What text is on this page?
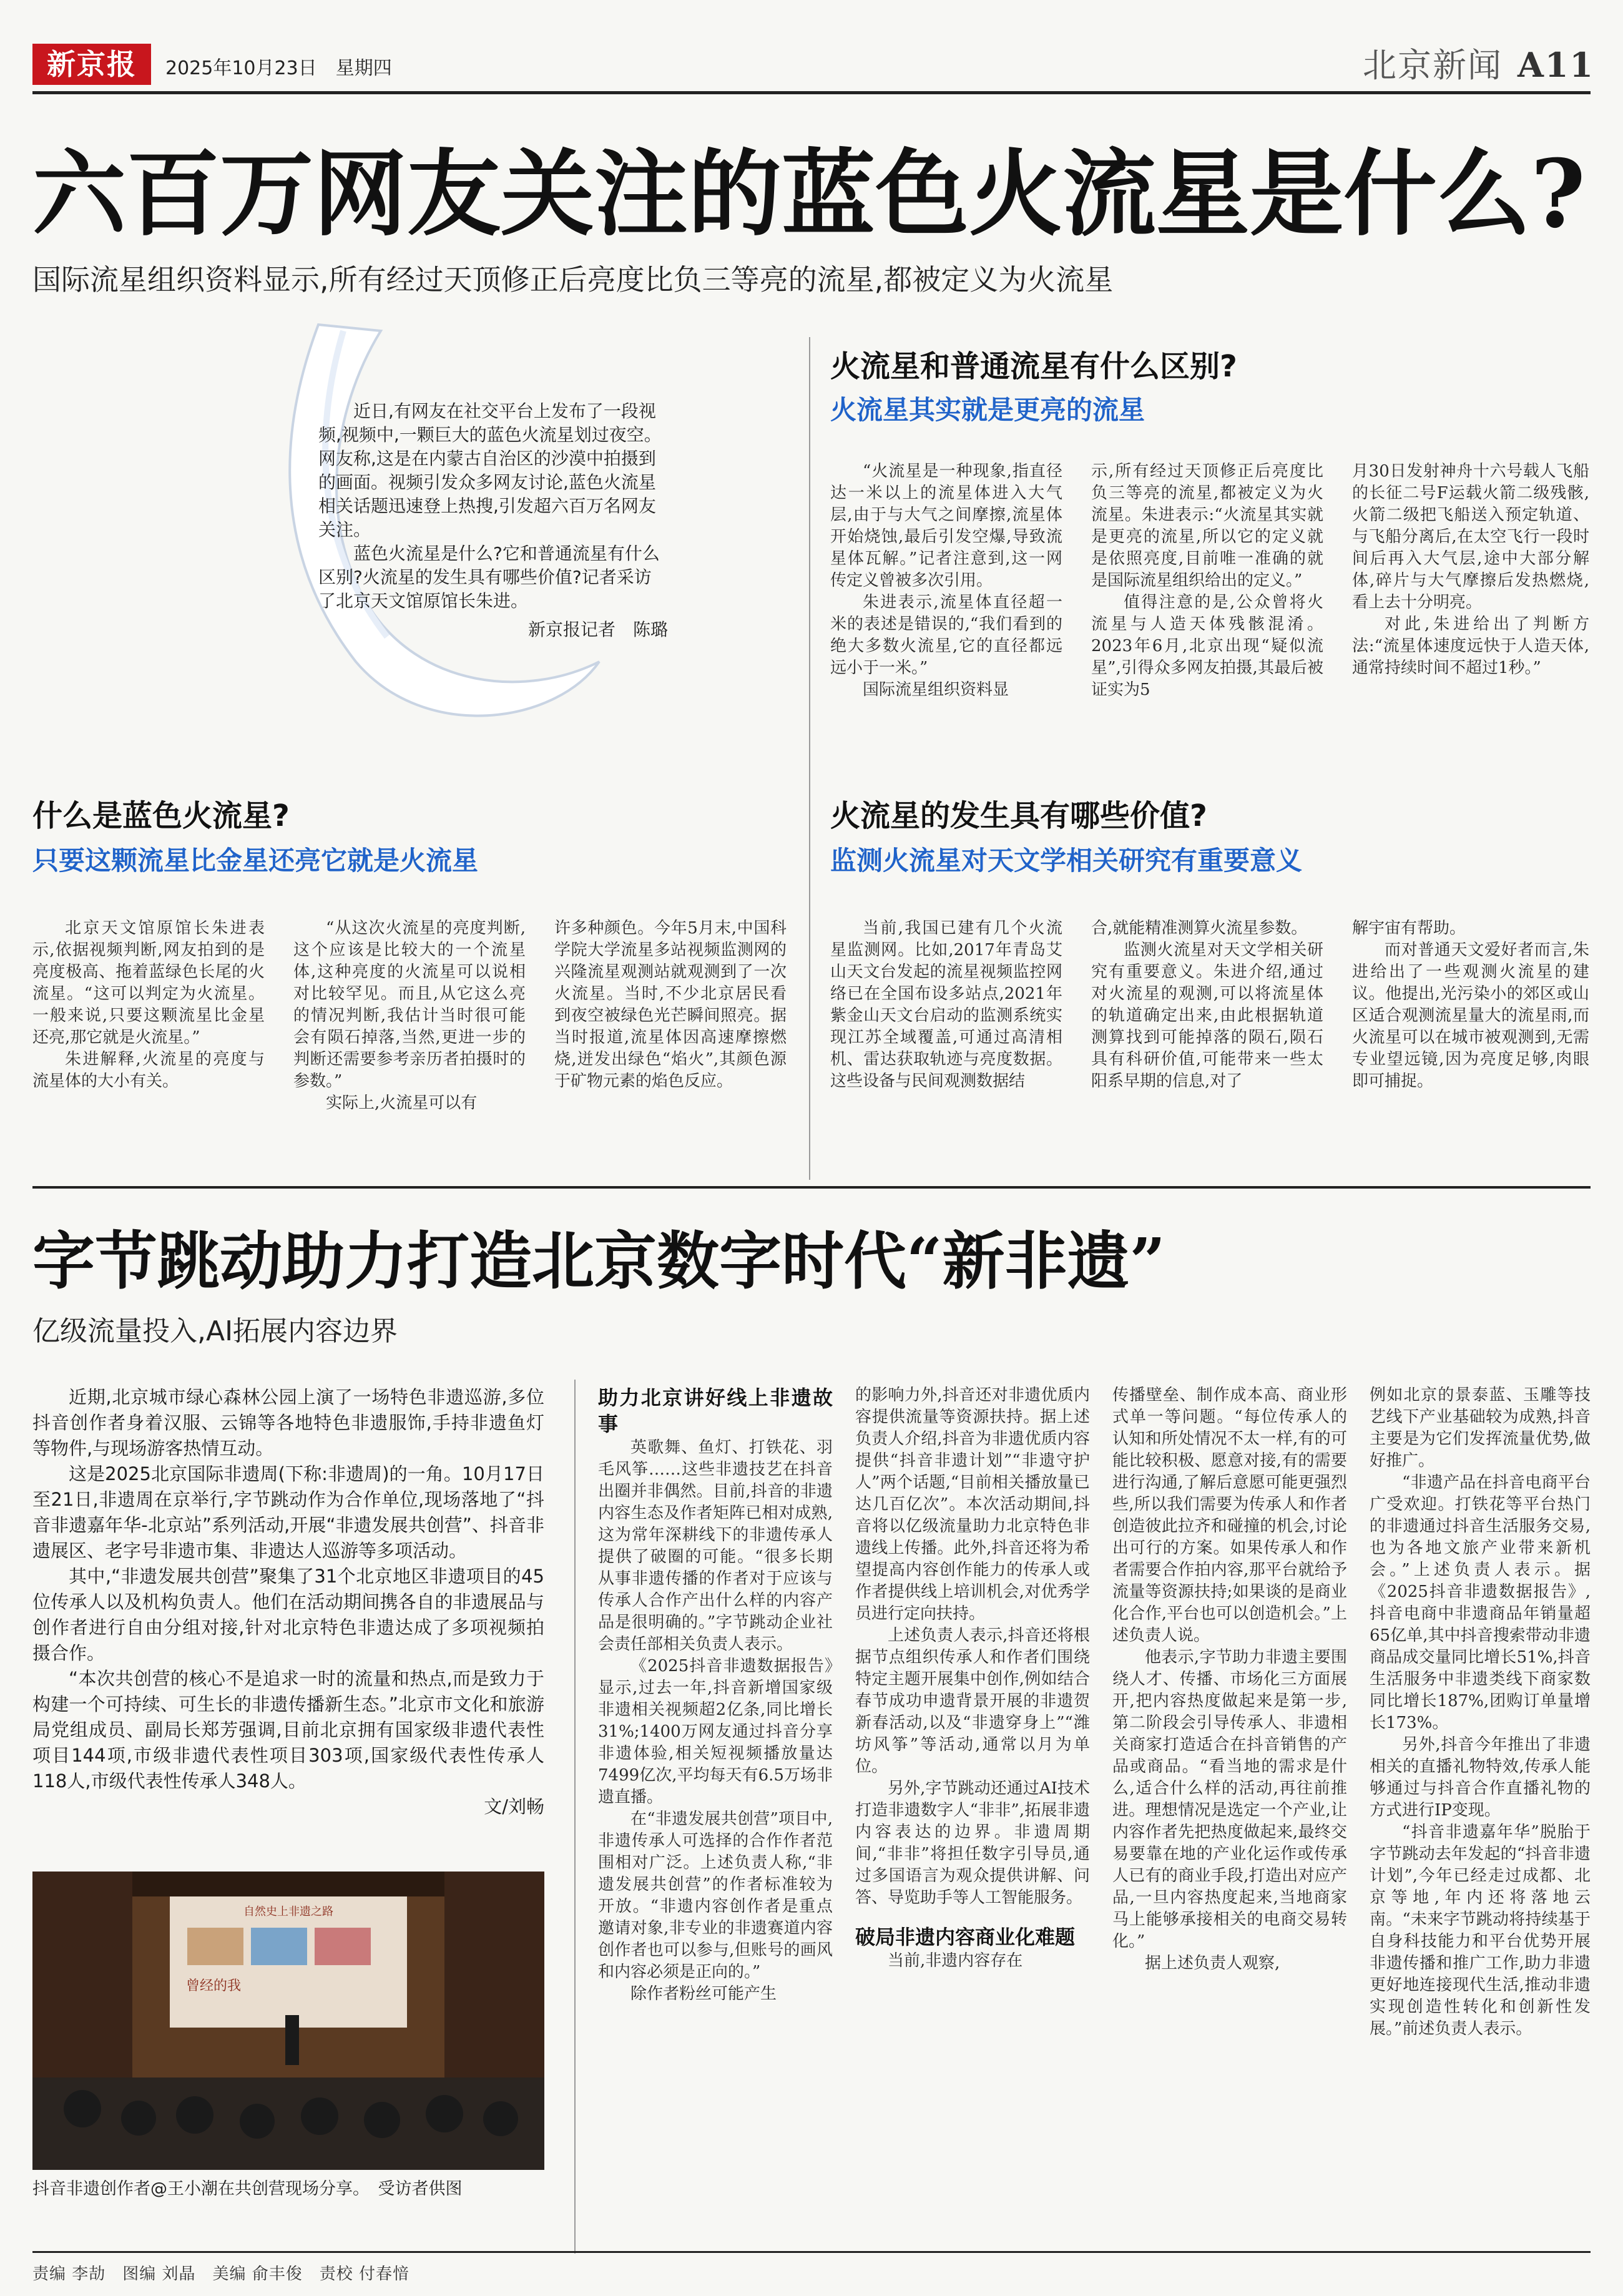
新京报	2025年10月23日　星期四	北京新闻 A11
六百万网友关注的蓝色火流星是什么?
国际流星组织资料显示,所有经过天顶修正后亮度比负三等亮的流星,都被定义为火流星

近日,有网友在社交平台上发布了一段视频,视频中,一颗巨大的蓝色火流星划过夜空。网友称,这是在内蒙古自治区的沙漠中拍摄到的画面。视频引发众多网友讨论,蓝色火流星相关话题迅速登上热搜,引发超六百万名网友关注。

蓝色火流星是什么?它和普通流星有什么区别?火流星的发生具有哪些价值?记者采访了北京天文馆原馆长朱进。

新京报记者　陈璐

火流星和普通流星有什么区别?
火流星其实就是更亮的流星

“火流星是一种现象,指直径达一米以上的流星体进入大气层,由于与大气之间摩擦,流星体开始烧蚀,最后引发空爆,导致流星体瓦解。”记者注意到,这一网传定义曾被多次引用。

朱进表示,流星体直径超一米的表述是错误的,“我们看到的绝大多数火流星,它的直径都远远小于一米。”

国际流星组织资料显

示,所有经过天顶修正后亮度比负三等亮的流星,都被定义为火流星。朱进表示:“火流星其实就是更亮的流星,所以它的定义就是依照亮度,目前唯一准确的就是国际流星组织给出的定义。”

值得注意的是,公众曾将火流星与人造天体残骸混淆。2023年6月,北京出现“疑似流星”,引得众多网友拍摄,其最后被证实为5

月30日发射神舟十六号载人飞船的长征二号F运载火箭二级残骸,火箭二级把飞船送入预定轨道、与飞船分离后,在太空飞行一段时间后再入大气层,途中大部分解体,碎片与大气摩擦后发热燃烧,看上去十分明亮。

对此,朱进给出了判断方法:“流星体速度远快于人造天体,通常持续时间不超过1秒。”

什么是蓝色火流星?
只要这颗流星比金星还亮它就是火流星

北京天文馆原馆长朱进表示,依据视频判断,网友拍到的是亮度极高、拖着蓝绿色长尾的火流星。“这可以判定为火流星。一般来说,只要这颗流星比金星还亮,那它就是火流星。”

朱进解释,火流星的亮度与流星体的大小有关。

“从这次火流星的亮度判断,这个应该是比较大的一个流星体,这种亮度的火流星可以说相对比较罕见。而且,从它这么亮的情况判断,我估计当时很可能会有陨石掉落,当然,更进一步的判断还需要参考亲历者拍摄时的参数。”

实际上,火流星可以有

许多种颜色。今年5月末,中国科学院大学流星多站视频监测网的兴隆流星观测站就观测到了一次火流星。当时,不少北京居民看到夜空被绿色光芒瞬间照亮。据当时报道,流星体因高速摩擦燃烧,迸发出绿色“焰火”,其颜色源于矿物元素的焰色反应。

火流星的发生具有哪些价值?
监测火流星对天文学相关研究有重要意义

当前,我国已建有几个火流星监测网。比如,2017年青岛艾山天文台发起的流星视频监控网络已在全国布设多站点,2021年紫金山天文台启动的监测系统实现江苏全域覆盖,可通过高清相机、雷达获取轨迹与亮度数据。这些设备与民间观测数据结

合,就能精准测算火流星参数。

监测火流星对天文学相关研究有重要意义。朱进介绍,通过对火流星的观测,可以将流星体的轨道确定出来,由此根据轨道测算找到可能掉落的陨石,陨石具有科研价值,可能带来一些太阳系早期的信息,对了

解宇宙有帮助。

而对普通天文爱好者而言,朱进给出了一些观测火流星的建议。他提出,光污染小的郊区或山区适合观测流星量大的流星雨,而火流星可以在城市被观测到,无需专业望远镜,因为亮度足够,肉眼即可捕捉。

字节跳动助力打造北京数字时代“新非遗”
亿级流量投入,AI拓展内容边界

近期,北京城市绿心森林公园上演了一场特色非遗巡游,多位抖音创作者身着汉服、云锦等各地特色非遗服饰,手持非遗鱼灯等物件,与现场游客热情互动。

这是2025北京国际非遗周(下称:非遗周)的一角。10月17日至21日,非遗周在京举行,字节跳动作为合作单位,现场落地了“抖音非遗嘉年华-北京站”系列活动,开展“非遗发展共创营”、抖音非遗展区、老字号非遗市集、非遗达人巡游等多项活动。

其中,“非遗发展共创营”聚集了31个北京地区非遗项目的45位传承人以及机构负责人。他们在活动期间携各自的非遗展品与创作者进行自由分组对接,针对北京特色非遗达成了多项视频拍摄合作。

“本次共创营的核心不是追求一时的流量和热点,而是致力于构建一个可持续、可生长的非遗传播新生态。”北京市文化和旅游局党组成员、副局长郑芳强调,目前北京拥有国家级非遗代表性项目144项,市级非遗代表性项目303项,国家级代表性传承人118人,市级代表性传承人348人。

文/刘畅

自然史上非遗之路
曾经的我
抖音非遗创作者@王小潮在共创营现场分享。　受访者供图

助力北京讲好线上非遗故事

英歌舞、鱼灯、打铁花、羽毛风筝……这些非遗技艺在抖音出圈并非偶然。目前,抖音的非遗内容生态及作者矩阵已相对成熟,这为常年深耕线下的非遗传承人提供了破圈的可能。“很多长期从事非遗传播的作者对于应该与传承人合作产出什么样的内容产品是很明确的。”字节跳动企业社会责任部相关负责人表示。

《2025抖音非遗数据报告》显示,过去一年,抖音新增国家级非遗相关视频超2亿条,同比增长31%;1400万网友通过抖音分享非遗体验,相关短视频播放量达7499亿次,平均每天有6.5万场非遗直播。

在“非遗发展共创营”项目中,非遗传承人可选择的合作作者范围相对广泛。上述负责人称,“非遗发展共创营”的作者标准较为开放。“非遗内容创作者是重点邀请对象,非专业的非遗赛道内容创作者也可以参与,但账号的画风和内容必须是正向的。”

除作者粉丝可能产生

的影响力外,抖音还对非遗优质内容提供流量等资源扶持。据上述负责人介绍,抖音为非遗优质内容提供“抖音非遗计划”“非遗守护人”两个话题,“目前相关播放量已达几百亿次”。本次活动期间,抖音将以亿级流量助力北京特色非遗线上传播。此外,抖音还将为希望提高内容创作能力的传承人或作者提供线上培训机会,对优秀学员进行定向扶持。

上述负责人表示,抖音还将根据节点组织传承人和作者们围绕特定主题开展集中创作,例如结合春节成功申遗背景开展的非遗贺新春活动,以及“非遗穿身上”“潍坊风筝”等活动,通常以月为单位。

另外,字节跳动还通过AI技术打造非遗数字人“非非”,拓展非遗内容表达的边界。非遗周期间,“非非”将担任数字引导员,通过多国语言为观众提供讲解、问答、导览助手等人工智能服务。

破局非遗内容商业化难题

当前,非遗内容存在

传播壁垒、制作成本高、商业形式单一等问题。“每位传承人的认知和所处情况不太一样,有的可能比较积极、愿意对接,有的需要进行沟通,了解后意愿可能更强烈些,所以我们需要为传承人和作者创造彼此拉齐和碰撞的机会,讨论出可行的方案。如果传承人和作者需要合作拍内容,那平台就给予流量等资源扶持;如果谈的是商业化合作,平台也可以创造机会。”上述负责人说。

他表示,字节助力非遗主要围绕人才、传播、市场化三方面展开,把内容热度做起来是第一步,第二阶段会引导传承人、非遗相关商家打造适合在抖音销售的产品或商品。“看当地的需求是什么,适合什么样的活动,再往前推进。理想情况是选定一个产业,让内容作者先把热度做起来,最终交易要靠在地的产业化运作或传承人已有的商业手段,打造出对应产品,一旦内容热度起来,当地商家马上能够承接相关的电商交易转化。”

据上述负责人观察,

例如北京的景泰蓝、玉雕等技艺线下产业基础较为成熟,抖音主要是为它们发挥流量优势,做好推广。

“非遗产品在抖音电商平台广受欢迎。打铁花等平台热门的非遗通过抖音生活服务交易,也为各地文旅产业带来新机会。”上述负责人表示。据《2025抖音非遗数据报告》,抖音电商中非遗商品年销量超65亿单,其中抖音搜索带动非遗商品成交量同比增长51%,抖音生活服务中非遗类线下商家数同比增长187%,团购订单量增长173%。

另外,抖音今年推出了非遗相关的直播礼物特效,传承人能够通过与抖音合作直播礼物的方式进行IP变现。

“抖音非遗嘉年华”脱胎于字节跳动去年发起的“抖音非遗计划”,今年已经走过成都、北京等地,年内还将落地云南。“未来字节跳动将持续基于自身科技能力和平台优势开展非遗传播和推广工作,助力非遗更好地连接现代生活,推动非遗实现创造性转化和创新性发展。”前述负责人表示。

责编 李劼　图编 刘晶　美编 俞丰俊　责校 付春愔
